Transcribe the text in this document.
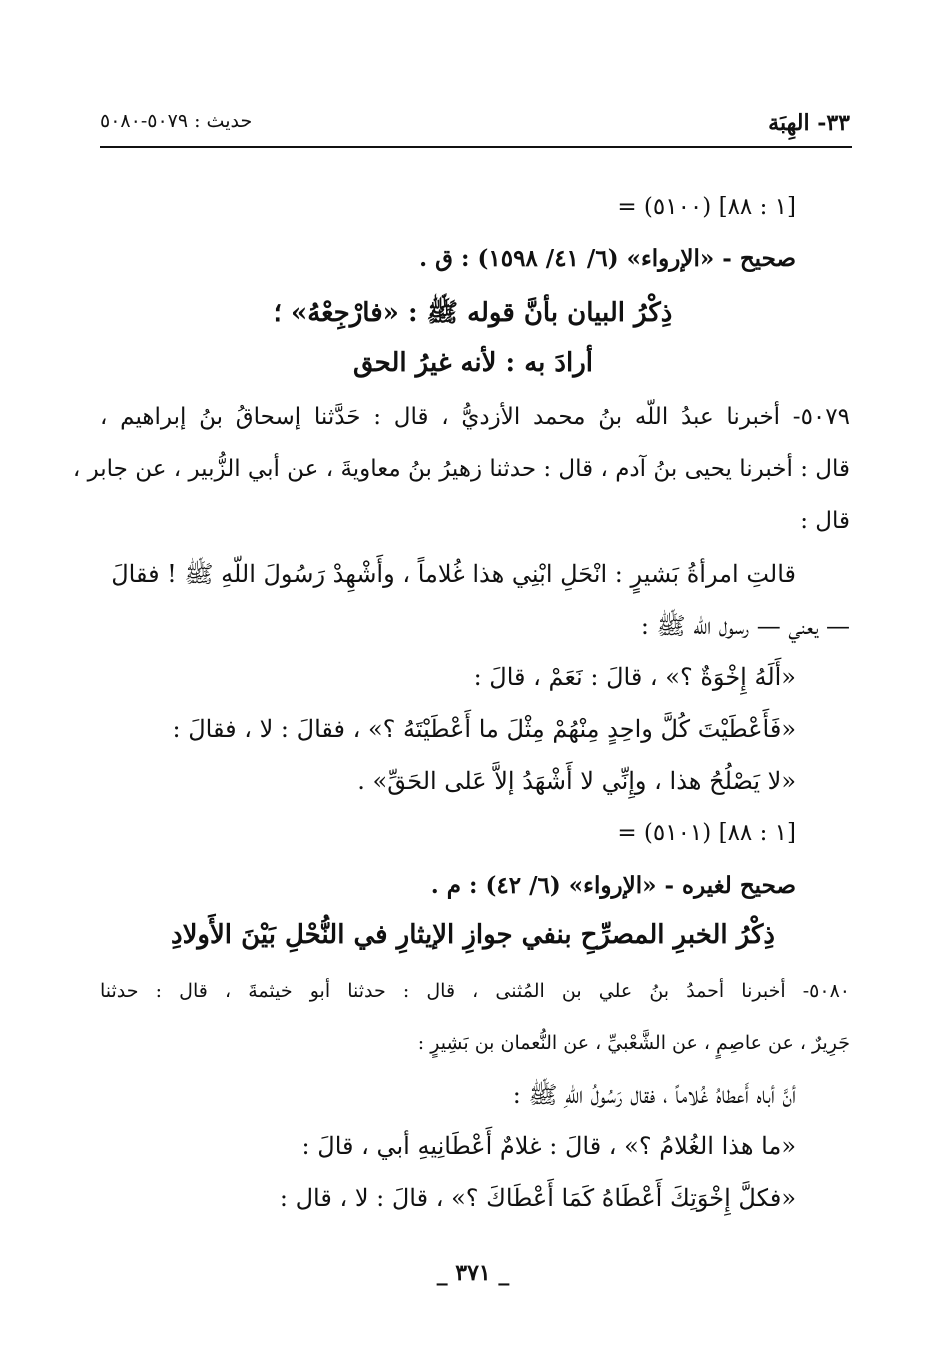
٣٣- الهِبَة
حديث : ٥٠٧٩-٥٠٨٠
= (٥١٠٠) [١ : ٨٨]
صحيح - «الإرواء» (٦/ ٤١/ ١٥٩٨) : ق .
ذِكْرُ البيان بأنَّ قوله ﷺ : «فارْجِعْهُ» ؛
أرادَ به : لأنه غيرُ الحق
٥٠٧٩- أخبرنا عبدُ اللّه بنُ محمد الأزديُّ ، قال : حَدَّثنا إسحاقُ بنُ إبراهيم ،
قال : أخبرنا يحيى بنُ آدم ، قال : حدثنا زهيرُ بنُ معاويةَ ، عن أبي الزُّبير ، عن جابر ،
قال :
قالتِ امرأةُ بَشيرٍ : انْحَلِ ابْنِي هذا غُلاماً ، وأَشْهِدْ رَسُولَ اللّهِ ﷺ ! فقالَ
— يعني — رسول اللّه ﷺ :
«أَلَهُ إِخْوَةٌ ؟» ، قالَ : نَعَمْ ، قالَ :
«فَأَعْطَيْتَ كُلَّ واحِدٍ مِنْهُمْ مِثْلَ ما أَعْطَيْتَهُ ؟» ، فقالَ : لا ، فقالَ :
«لا يَصْلُحُ هذا ، وإِنِّي لا أَشْهَدُ إلاَّ عَلى الحَقِّ» .
= (٥١٠١) [١ : ٨٨]
صحيح لغيره - «الإرواء» (٦/ ٤٢) : م .
ذِكْرُ الخبرِ المصرِّحِ بنفي جوازِ الإيثارِ في النُّحْلِ بَيْنَ الأَولادِ
٥٠٨٠- أخبرنا أحمدُ بنُ علي بن المُثنى ، قال : حدثنا أبو خيثمةَ ، قال : حدثنا
جَرِيرٌ ، عن عاصِمٍ ، عن الشَّعْبيِّ ، عن النُّعمان بن بَشِيرٍ :
أنَّ أباه أَعطاهُ غُلاماً ، فقال رَسُولُ اللّهِ ﷺ :
«ما هذا الغُلامُ ؟» ، قالَ : غلامٌ أَعْطَانِيهِ أبي ، قالَ :
«فكلَّ إِخْوَتِكَ أَعْطَاهُ كَمَا أَعْطَاكَ ؟» ، قالَ : لا ، قال :
_ ٣٧١ _
